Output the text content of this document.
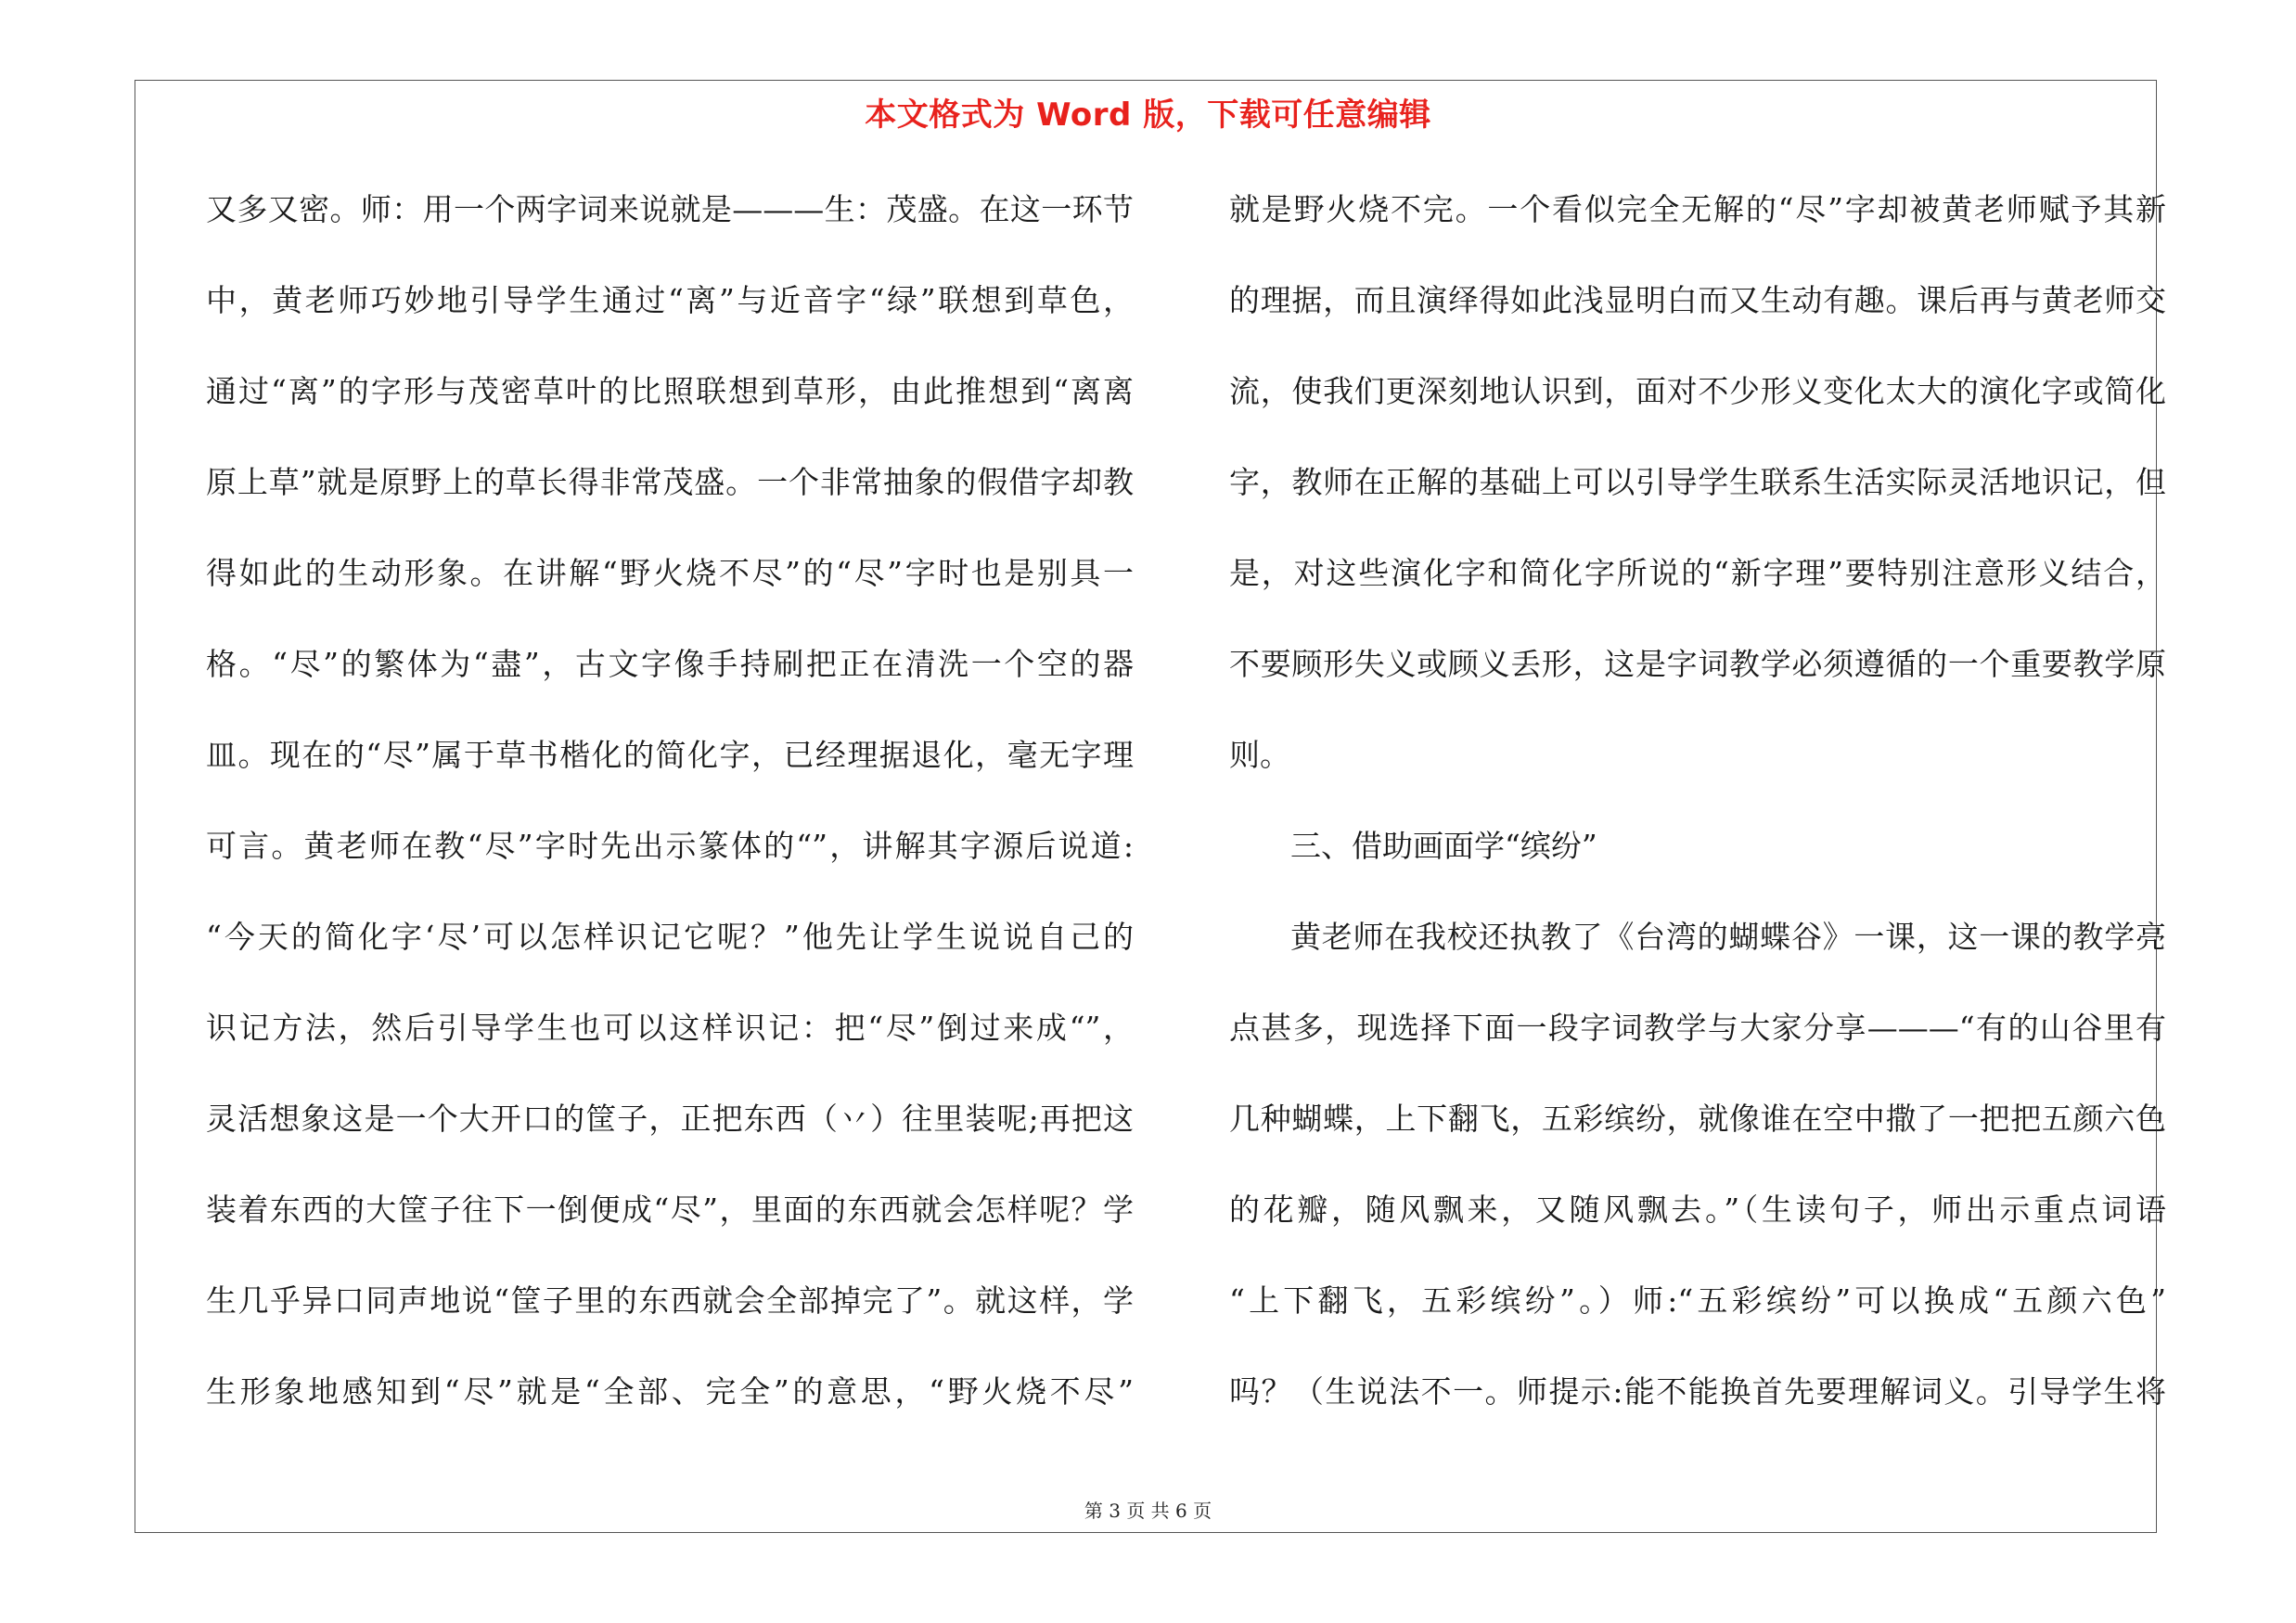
本文格式为 Word 版，下载可任意编辑
又多又密。师：用一个两字词来说就是———生：茂盛。在这一环节
中，黄老师巧妙地引导学生通过“离”与近音字“绿”联想到草色，
通过“离”的字形与茂密草叶的比照联想到草形，由此推想到“离离
原上草”就是原野上的草长得非常茂盛。一个非常抽象的假借字却教
得如此的生动形象。在讲解“野火烧不尽”的“尽”字时也是别具一
格。“尽”的繁体为“盡”，古文字像手持刷把正在清洗一个空的器
皿。现在的“尽”属于草书楷化的简化字，已经理据退化，毫无字理
可言。黄老师在教“尽”字时先出示篆体的“”，讲解其字源后说道:
“今天的简化字‘尽’可以怎样识记它呢？”他先让学生说说自己的
识记方法，然后引导学生也可以这样识记：把“尽”倒过来成“”，
灵活想象这是一个大开口的筐子，正把东西（丷）往里装呢;再把这
装着东西的大筐子往下一倒便成“尽”，里面的东西就会怎样呢？学
生几乎异口同声地说“筐子里的东西就会全部掉完了”。就这样，学
生形象地感知到“尽”就是“全部、完全”的意思，“野火烧不尽”
就是野火烧不完。一个看似完全无解的“尽”字却被黄老师赋予其新
的理据，而且演绎得如此浅显明白而又生动有趣。课后再与黄老师交
流，使我们更深刻地认识到，面对不少形义变化太大的演化字或简化
字，教师在正解的基础上可以引导学生联系生活实际灵活地识记，但
是，对这些演化字和简化字所说的“新字理”要特别注意形义结合，
不要顾形失义或顾义丢形，这是字词教学必须遵循的一个重要教学原
则。
三、借助画面学“缤纷”
黄老师在我校还执教了《台湾的蝴蝶谷》一课，这一课的教学亮
点甚多，现选择下面一段字词教学与大家分享———“有的山谷里有
几种蝴蝶，上下翻飞，五彩缤纷，就像谁在空中撒了一把把五颜六色
的花瓣，随风飘来，又随风飘去。”（生读句子，师出示重点词语
“上下翻飞，五彩缤纷”。）师:“五彩缤纷”可以换成“五颜六色”
吗？（生说法不一。师提示:能不能换首先要理解词义。引导学生将
第 3 页 共 6 页
